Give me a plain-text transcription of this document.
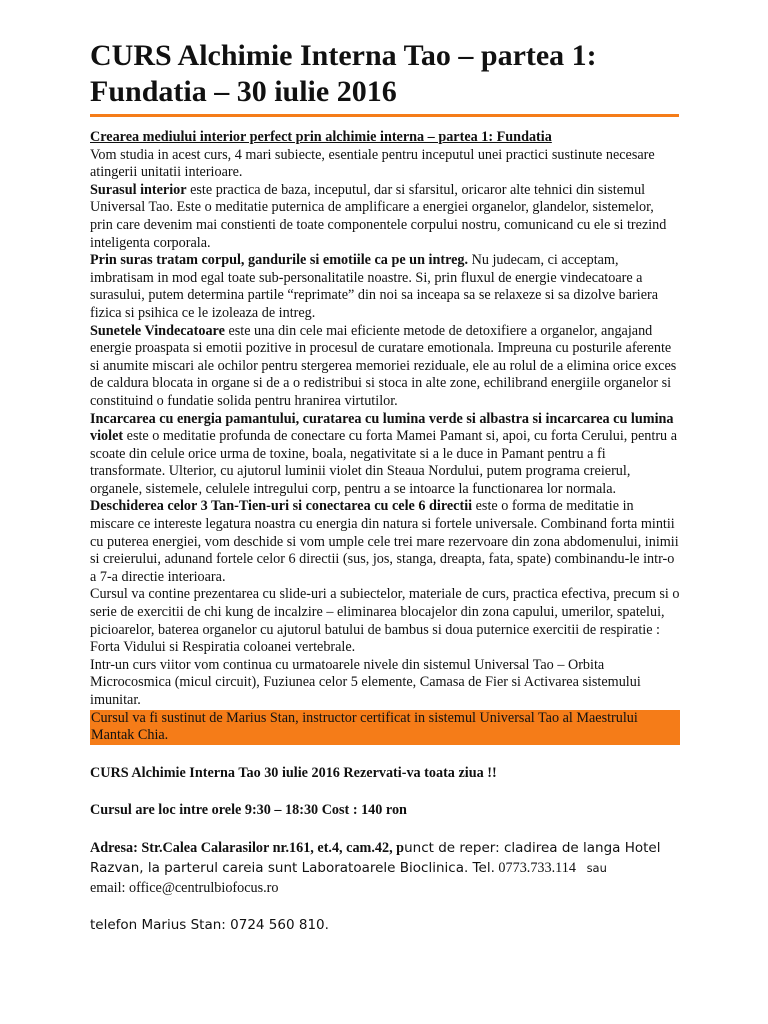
CURS Alchimie Interna Tao – partea 1:
Fundatia – 30 iulie 2016

Crearea mediului interior perfect prin alchimie interna – partea 1: Fundatia

Vom studia in acest curs, 4 mari subiecte, esentiale pentru inceputul unei practici sustinute necesare atingerii unitatii interioare.

Surasul interior este practica de baza, inceputul, dar si sfarsitul, oricaror alte tehnici din sistemul Universal Tao. Este o meditatie puternica de amplificare a energiei organelor, glandelor, sistemelor, prin care devenim mai constienti de toate componentele corpului nostru, comunicand cu ele si trezind inteligenta corporala.

Prin suras tratam corpul, gandurile si emotiile ca pe un intreg. Nu judecam, ci acceptam, imbratisam in mod egal toate sub-personalitatile noastre. Si, prin fluxul de energie vindecatoare a surasului, putem determina partile “reprimate” din noi sa inceapa sa se relaxeze si sa dizolve bariera fizica si psihica ce le izoleaza de intreg.

Sunetele Vindecatoare este una din cele mai eficiente metode de detoxifiere a organelor, angajand energie proaspata si emotii pozitive in procesul de curatare emotionala. Impreuna cu posturile aferente si anumite miscari ale ochilor pentru stergerea memoriei reziduale, ele au rolul de a elimina orice exces de caldura blocata in organe si de a o redistribui si stoca in alte zone, echilibrand energiile organelor si constituind o fundatie solida pentru hranirea virtutilor.

Incarcarea cu energia pamantului, curatarea cu lumina verde si albastra si incarcarea cu lumina violet este o meditatie profunda de conectare cu forta Mamei Pamant si, apoi, cu forta Cerului, pentru a scoate din celule orice urma de toxine, boala, negativitate si a le duce in Pamant pentru a fi transformate. Ulterior, cu ajutorul luminii violet din Steaua Nordului, putem programa creierul, organele, sistemele, celulele intregului corp, pentru a se intoarce la functionarea lor normala.

Deschiderea celor 3 Tan-Tien-uri si conectarea cu cele 6 directii este o forma de meditatie in miscare ce intereste legatura noastra cu energia din natura si fortele universale. Combinand forta mintii cu puterea energiei, vom deschide si vom umple cele trei mare rezervoare din zona abdomenului, inimii si creierului, adunand fortele celor 6 directii (sus, jos, stanga, dreapta, fata, spate) combinandu-le intr-o a 7-a directie interioara.

Cursul va contine prezentarea cu slide-uri a subiectelor, materiale de curs, practica efectiva, precum si o serie de exercitii de chi kung de incalzire – eliminarea blocajelor din zona capului, umerilor, spatelui, picioarelor, baterea organelor cu ajutorul batului de bambus si doua puternice exercitii de respiratie : Forta Vidului si Respiratia coloanei vertebrale.

Intr-un curs viitor vom continua cu urmatoarele nivele din sistemul Universal Tao – Orbita Microcosmica (micul circuit), Fuziunea celor 5 elemente, Camasa de Fier si Activarea sistemului imunitar.

Cursul va fi sustinut de Marius Stan, instructor certificat in sistemul Universal Tao al Maestrului Mantak Chia.

CURS Alchimie Interna Tao 30 iulie 2016 Rezervati-va toata ziua !!

Cursul are loc intre orele 9:30 – 18:30 Cost : 140 ron

Adresa: Str.Calea Calarasilor nr.161, et.4, cam.42, punct de reper: cladirea de langa Hotel Razvan, la parterul careia sunt Laboratoarele Bioclinica. Tel. 0773.733.114 sau
email: office@centrulbiofocus.ro

telefon Marius Stan: 0724 560 810.
